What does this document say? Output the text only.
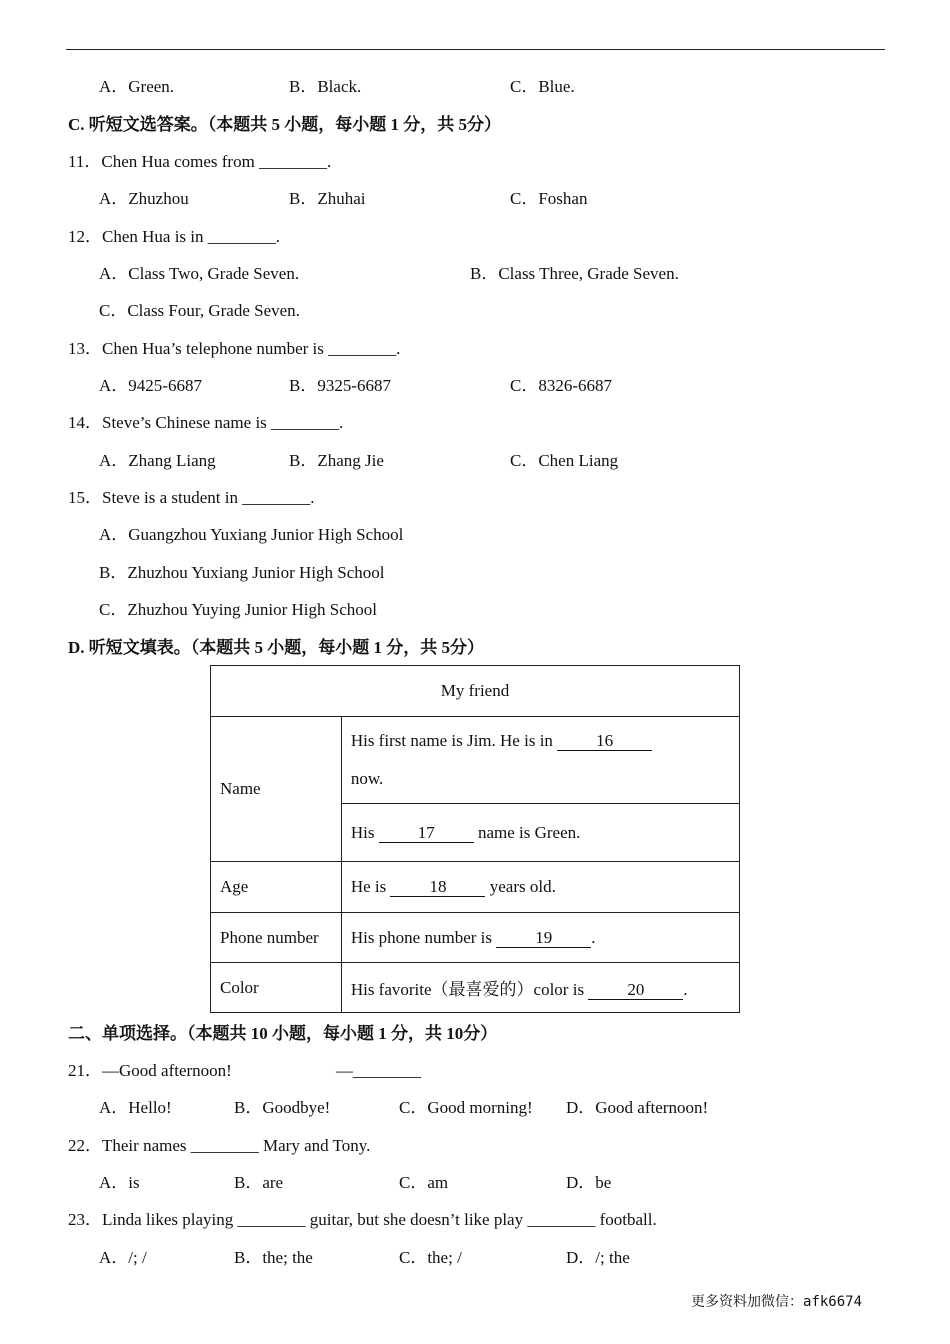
A．Green.	B．Black.	C．Blue.
C. 听短文选答案。（本题共 5 小题，每小题 1 分，共 5分）
11．Chen Hua comes from ________.
A．Zhuzhou	B．Zhuhai	C．Foshan
12．Chen Hua is in ________.
A．Class Two, Grade Seven.	B．Class Three, Grade Seven.
C．Class Four, Grade Seven.
13．Chen Hua’s telephone number is ________.
A．9425-6687	B．9325-6687	C．8326-6687
14．Steve’s Chinese name is ________.
A．Zhang Liang	B．Zhang Jie	C．Chen Liang
15．Steve is a student in ________.
A．Guangzhou Yuxiang Junior High School
B．Zhuzhou Yuxiang Junior High School
C．Zhuzhou Yuying Junior High School
D. 听短文填表。（本题共 5 小题，每小题 1 分，共 5分）
My friend	
Name	His first name is Jim. He is in 16
now.
	His 17 name is Green.
Age	He is 18 years old.
Phone number	His phone number is 19 .
Color	His favorite（最喜爱的）color is 20 .
二、单项选择。（本题共 10 小题，每小题 1 分，共 10分）
21．—Good afternoon!	—________
A．Hello!	B．Goodbye!	C．Good morning! D．Good afternoon!
22．Their names ________ Mary and Tony.
A．is	B．are	C．am	D．be
23．Linda likes playing ________ guitar, but she doesn’t like play ________ football.
A．/; /	B．the; the	C．the; /	D．/; the
更多资料加微信：afk6674
